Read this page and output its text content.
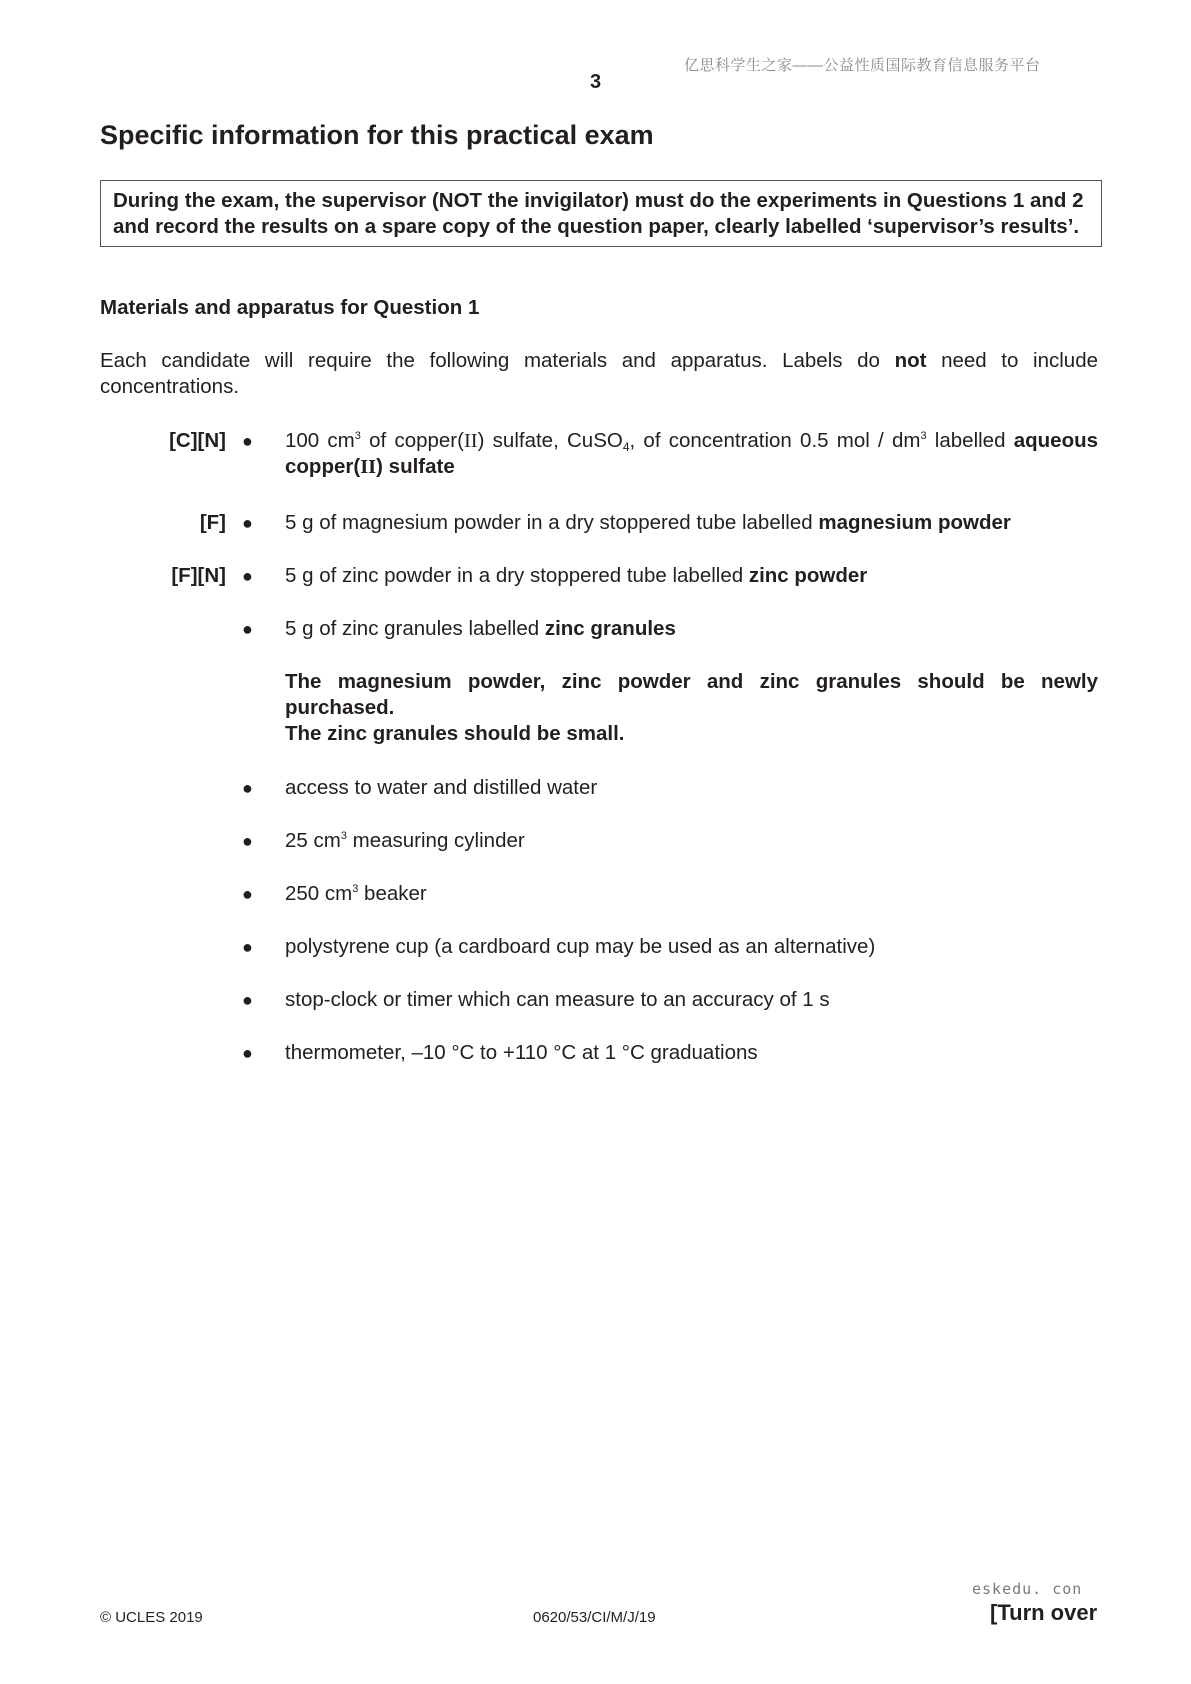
亿思科学生之家——公益性质国际教育信息服务平台
3
Specific information for this practical exam
During the exam, the supervisor (NOT the invigilator) must do the experiments in Questions 1 and 2 and record the results on a spare copy of the question paper, clearly labelled ‘supervisor’s results’.
Materials and apparatus for Question 1
Each candidate will require the following materials and apparatus. Labels do not need to include concentrations.
[C][N] ● 100 $cm^3$ of copper(II) sulfate, CuSO$_4$, of concentration 0.5 mol / $dm^3$ labelled aqueous copper(II) sulfate
[F] ● 5 g of magnesium powder in a dry stoppered tube labelled magnesium powder
[F][N] ● 5 g of zinc powder in a dry stoppered tube labelled zinc powder
● 5 g of zinc granules labelled zinc granules
The magnesium powder, zinc powder and zinc granules should be newly purchased.
The zinc granules should be small.
● access to water and distilled water
● 25 $cm^3$ measuring cylinder
● 250 $cm^3$ beaker
● polystyrene cup (a cardboard cup may be used as an alternative)
● stop-clock or timer which can measure to an accuracy of 1 s
● thermometer, –10 °C to +110 °C at 1 °C graduations
eskedu. con
© UCLES 2019	0620/53/CI/M/J/19	[Turn over
